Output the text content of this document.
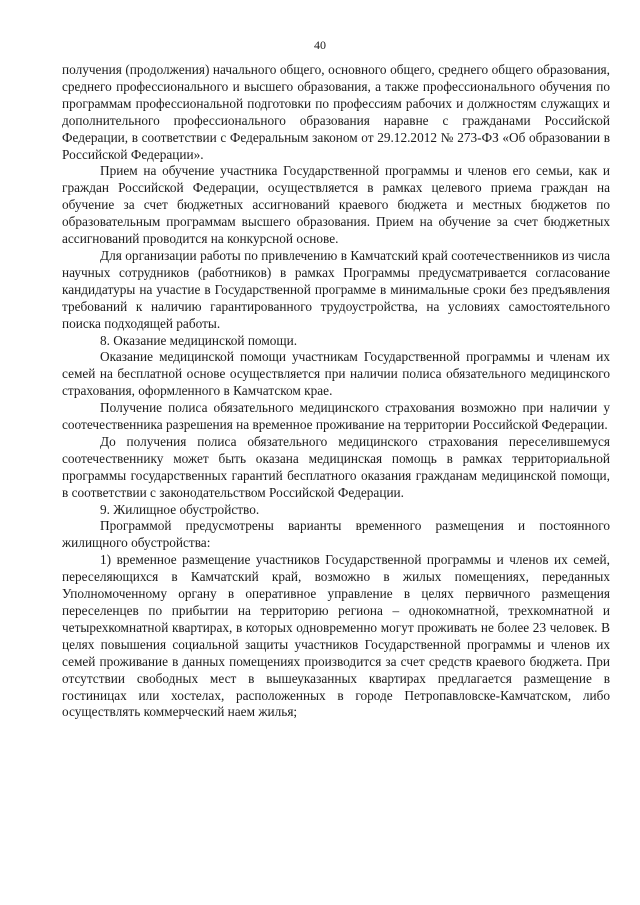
40

получения (продолжения) начального общего, основного общего, среднего общего образования, среднего профессионального и высшего образования, а также профессионального обучения по программам профессиональной подготовки по профессиям рабочих и должностям служащих и дополнительного профессионального образования наравне с гражданами Российской Федерации, в соответствии с Федеральным законом от 29.12.2012 № 273-ФЗ «Об образовании в Российской Федерации».

Прием на обучение участника Государственной программы и членов его семьи, как и граждан Российской Федерации, осуществляется в рамках целевого приема граждан на обучение за счет бюджетных ассигнований краевого бюджета и местных бюджетов по образовательным программам высшего образования. Прием на обучение за счет бюджетных ассигнований проводится на конкурсной основе.

Для организации работы по привлечению в Камчатский край соотечественников из числа научных сотрудников (работников) в рамках Программы предусматривается согласование кандидатуры на участие в Государственной программе в минимальные сроки без предъявления требований к наличию гарантированного трудоустройства, на условиях самостоятельного поиска подходящей работы.

8. Оказание медицинской помощи.

Оказание медицинской помощи участникам Государственной программы и членам их семей на бесплатной основе осуществляется при наличии полиса обязательного медицинского страхования, оформленного в Камчатском крае.

Получение полиса обязательного медицинского страхования возможно при наличии у соотечественника разрешения на временное проживание на территории Российской Федерации.

До получения полиса обязательного медицинского страхования переселившемуся соотечественнику может быть оказана медицинская помощь в рамках территориальной программы государственных гарантий бесплатного оказания гражданам медицинской помощи, в соответствии с законодательством Российской Федерации.

9. Жилищное обустройство.

Программой предусмотрены варианты временного размещения и постоянного жилищного обустройства:

1) временное размещение участников Государственной программы и членов их семей, переселяющихся в Камчатский край, возможно в жилых помещениях, переданных Уполномоченному органу в оперативное управление в целях первичного размещения переселенцев по прибытии на территорию региона – однокомнатной, трехкомнатной и четырехкомнатной квартирах, в которых одновременно могут проживать не более 23 человек. В целях повышения социальной защиты участников Государственной программы и членов их семей проживание в данных помещениях производится за счет средств краевого бюджета. При отсутствии свободных мест в вышеуказанных квартирах предлагается размещение в гостиницах или хостелах, расположенных в городе Петропавловске-Камчатском, либо осуществлять коммерческий наем жилья;
